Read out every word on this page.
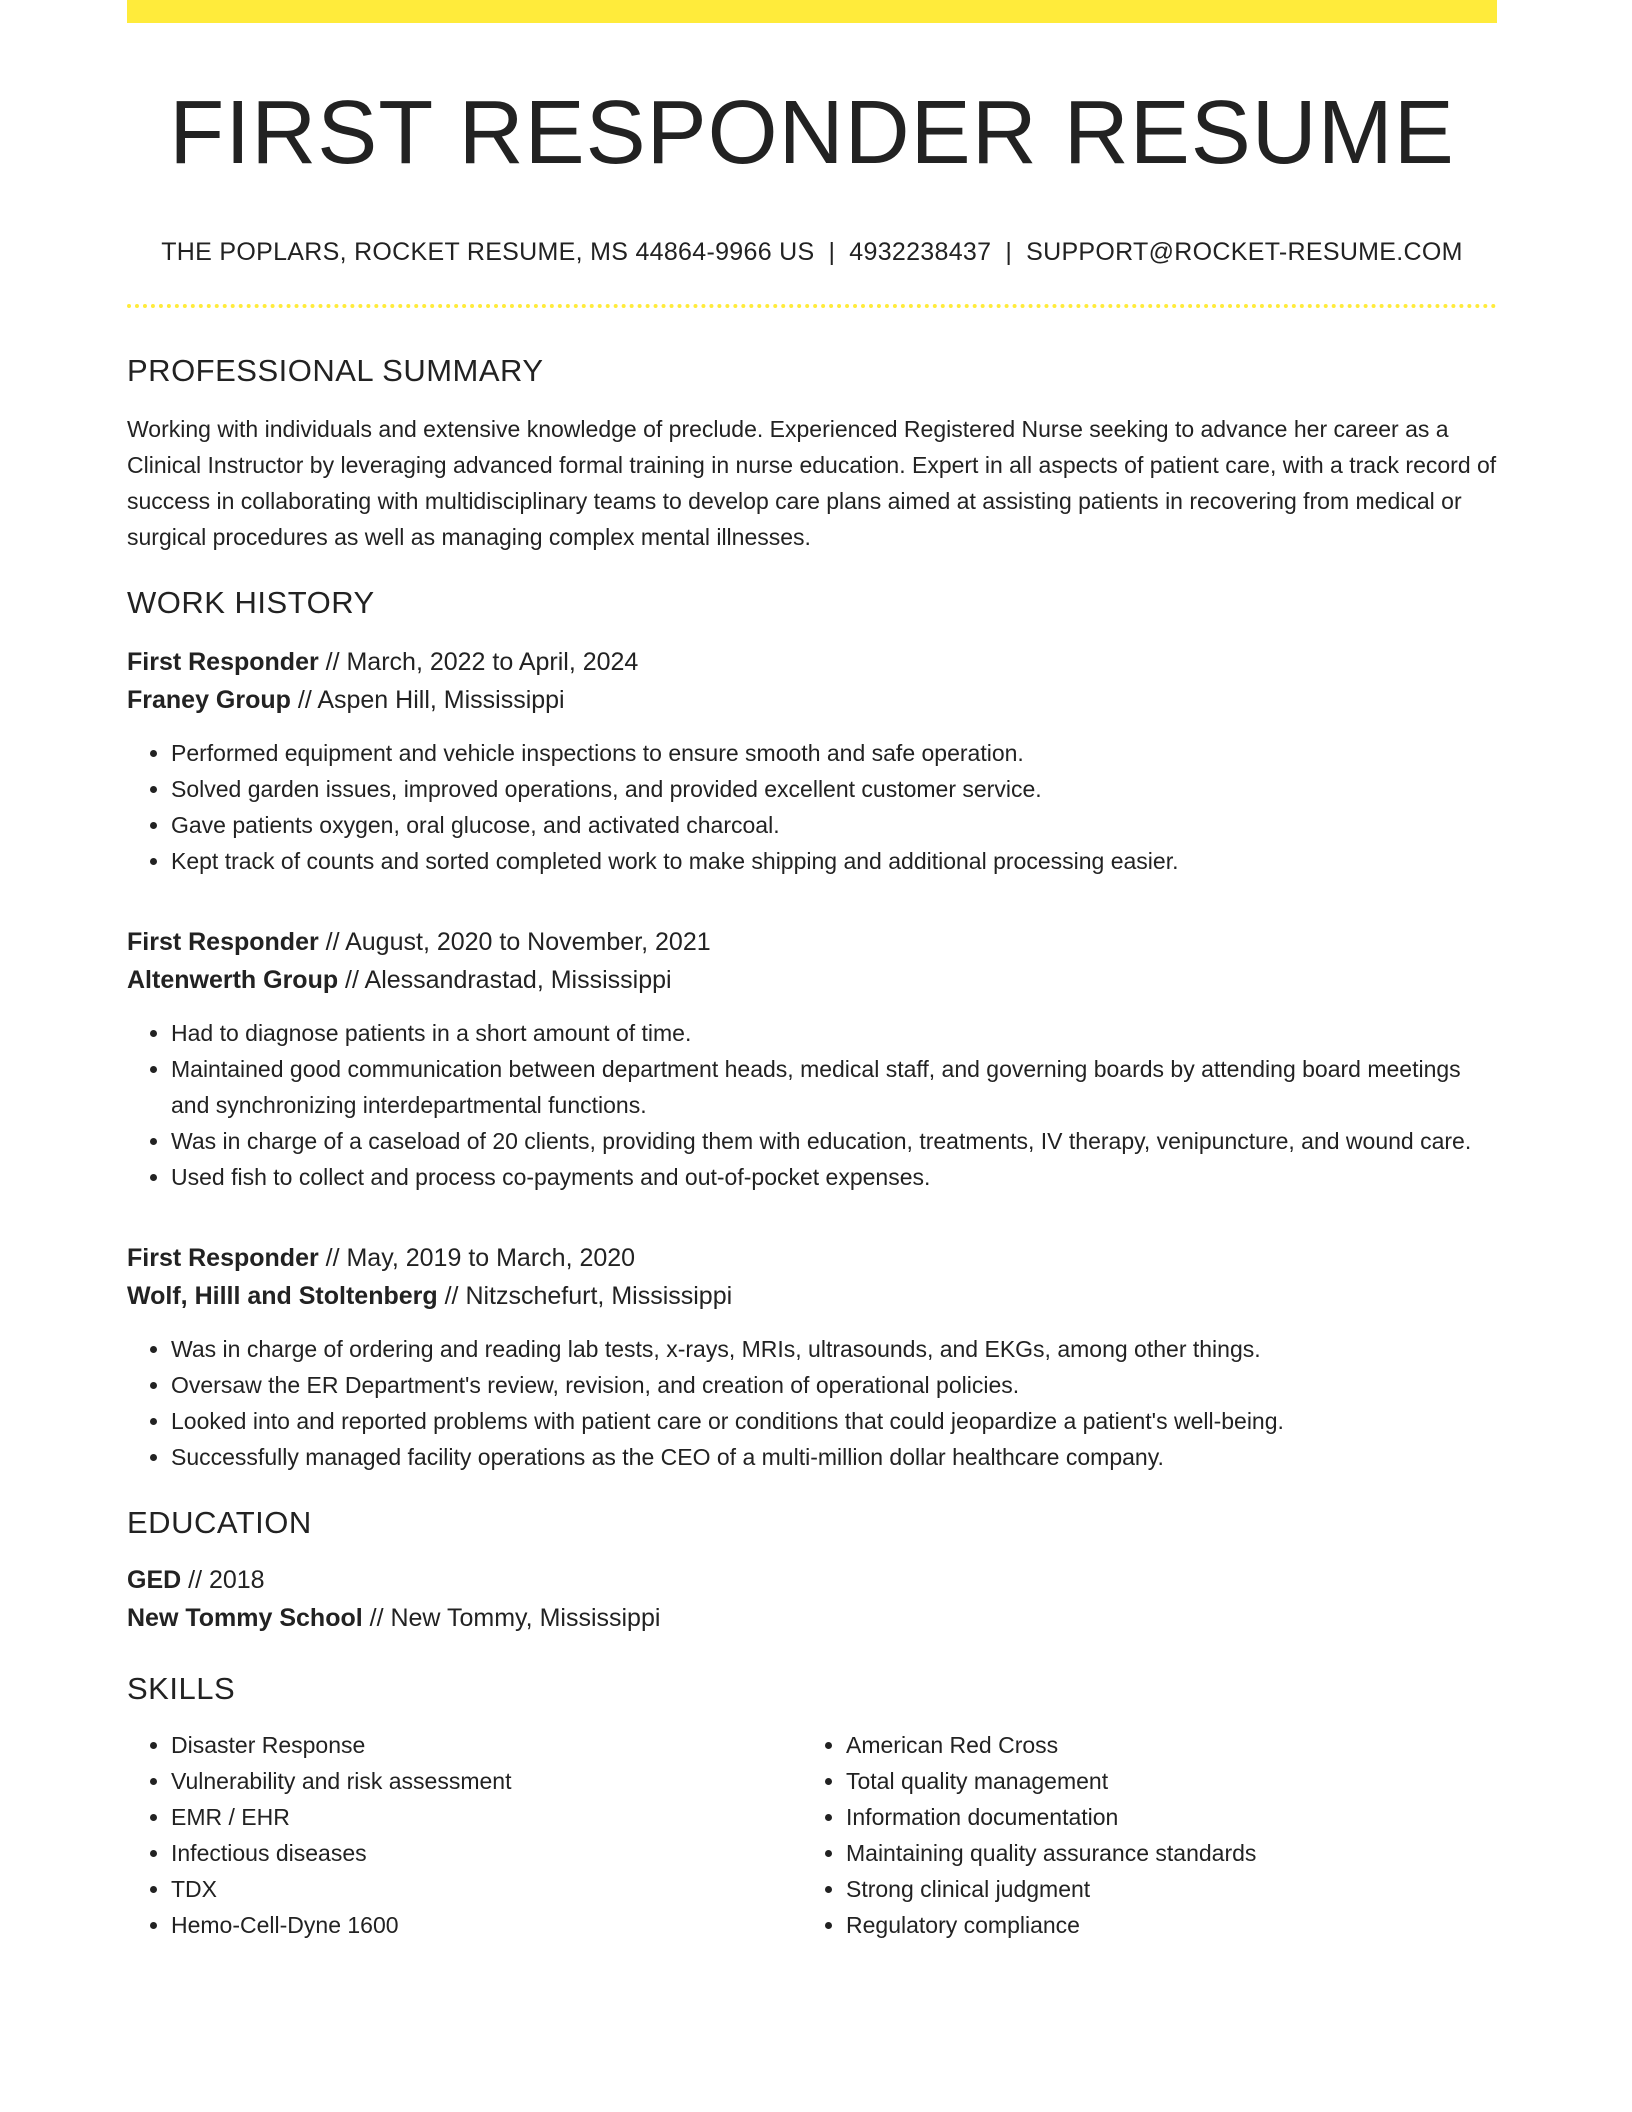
FIRST RESPONDER RESUME
THE POPLARS, ROCKET RESUME, MS 44864-9966 US | 4932238437 | SUPPORT@ROCKET-RESUME.COM
PROFESSIONAL SUMMARY
Working with individuals and extensive knowledge of preclude. Experienced Registered Nurse seeking to advance her career as a Clinical Instructor by leveraging advanced formal training in nurse education. Expert in all aspects of patient care, with a track record of success in collaborating with multidisciplinary teams to develop care plans aimed at assisting patients in recovering from medical or surgical procedures as well as managing complex mental illnesses.
WORK HISTORY
First Responder // March, 2022 to April, 2024
Franey Group // Aspen Hill, Mississippi
• Performed equipment and vehicle inspections to ensure smooth and safe operation.
• Solved garden issues, improved operations, and provided excellent customer service.
• Gave patients oxygen, oral glucose, and activated charcoal.
• Kept track of counts and sorted completed work to make shipping and additional processing easier.
First Responder // August, 2020 to November, 2021
Altenwerth Group // Alessandrastad, Mississippi
• Had to diagnose patients in a short amount of time.
• Maintained good communication between department heads, medical staff, and governing boards by attending board meetings and synchronizing interdepartmental functions.
• Was in charge of a caseload of 20 clients, providing them with education, treatments, IV therapy, venipuncture, and wound care.
• Used fish to collect and process co-payments and out-of-pocket expenses.
First Responder // May, 2019 to March, 2020
Wolf, Hilll and Stoltenberg // Nitzschefurt, Mississippi
• Was in charge of ordering and reading lab tests, x-rays, MRIs, ultrasounds, and EKGs, among other things.
• Oversaw the ER Department's review, revision, and creation of operational policies.
• Looked into and reported problems with patient care or conditions that could jeopardize a patient's well-being.
• Successfully managed facility operations as the CEO of a multi-million dollar healthcare company.
EDUCATION
GED // 2018
New Tommy School // New Tommy, Mississippi
SKILLS
• Disaster Response
• Vulnerability and risk assessment
• EMR / EHR
• Infectious diseases
• TDX
• Hemo-Cell-Dyne 1600
• American Red Cross
• Total quality management
• Information documentation
• Maintaining quality assurance standards
• Strong clinical judgment
• Regulatory compliance
